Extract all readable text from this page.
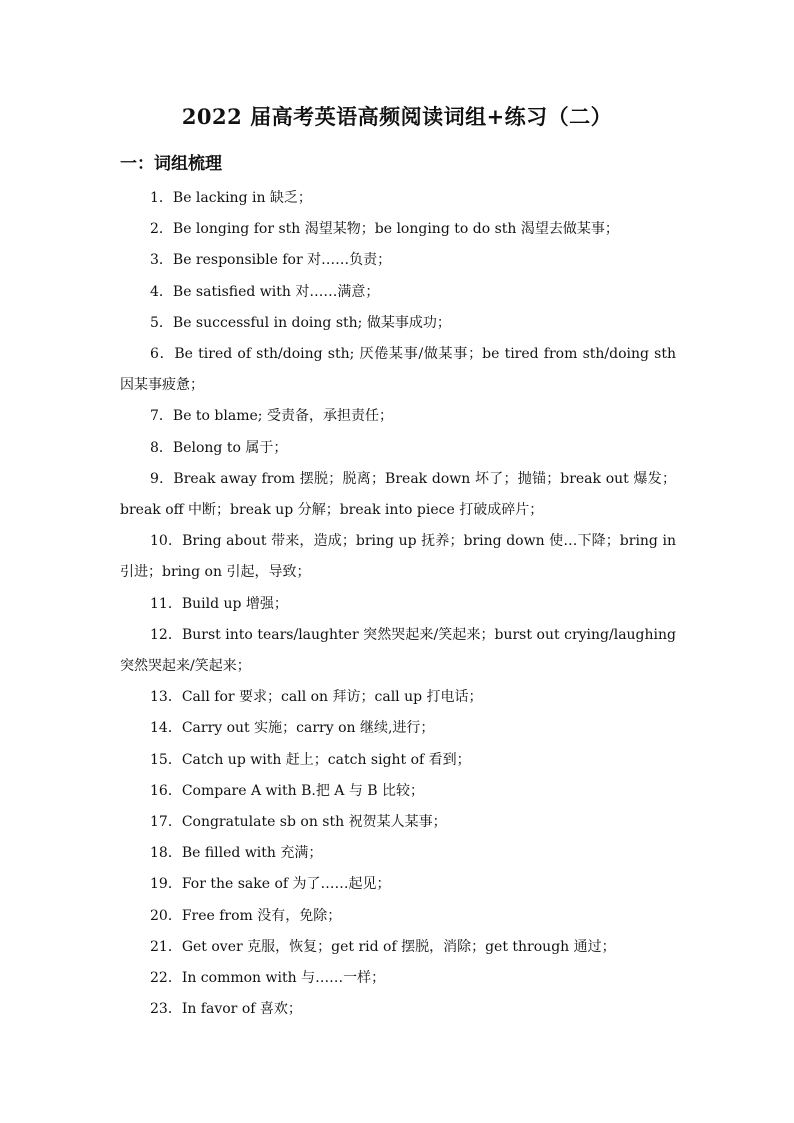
2022 届高考英语高频阅读词组+练习（二）
一：词组梳理
1．Be lacking in 缺乏；
2．Be longing for sth 渴望某物；be longing to do sth 渴望去做某事；
3．Be responsible for 对……负责；
4．Be satisfied with 对……满意；
5．Be successful in doing sth; 做某事成功；
6．Be tired of sth/doing sth; 厌倦某事/做某事；be tired from sth/doing sth 因某事疲惫；
7．Be to blame; 受责备，承担责任；
8．Belong to 属于；
9．Break away from 摆脱；脱离；Break down 坏了；抛锚；break out 爆发；break off 中断；break up 分解；break into piece 打破成碎片；
10．Bring about 带来，造成；bring up 抚养；bring down 使…下降；bring in 引进；bring on 引起，导致；
11．Build up 增强；
12．Burst into tears/laughter 突然哭起来/笑起来；burst out crying/laughing 突然哭起来/笑起来；
13．Call for 要求；call on 拜访；call up 打电话；
14．Carry out 实施；carry on 继续,进行；
15．Catch up with 赶上；catch sight of 看到；
16．Compare A with B.把 A 与 B 比较；
17．Congratulate sb on sth 祝贺某人某事；
18．Be filled with 充满；
19．For the sake of 为了……起见；
20．Free from 没有，免除；
21．Get over 克服，恢复；get rid of 摆脱，消除；get through 通过；
22．In common with 与……一样；
23．In favor of 喜欢；
